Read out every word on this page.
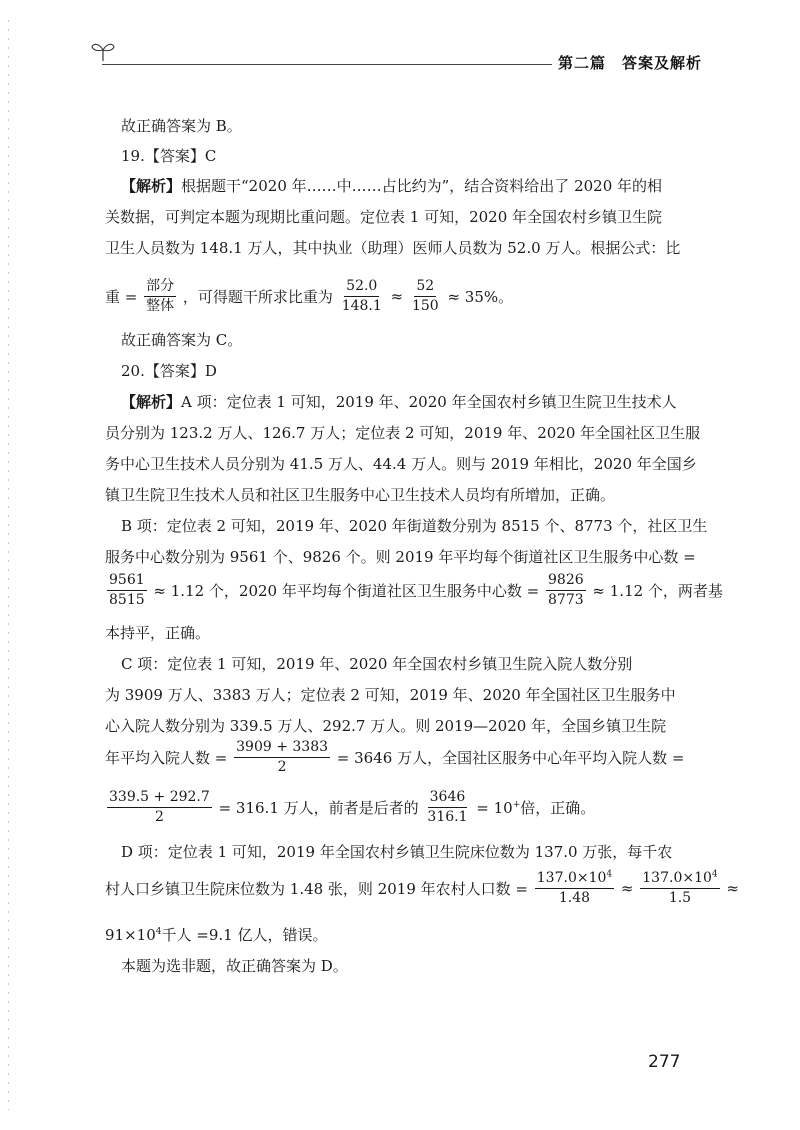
第二篇　答案及解析
故正确答案为 B。
19.【答案】C
【解析】根据题干“2020 年……中……占比约为”，结合资料给出了 2020 年的相
关数据，可判定本题为现期比重问题。定位表 1 可知，2020 年全国农村乡镇卫生院
卫生人员数为 148.1 万人，其中执业（助理）医师人员数为 52.0 万人。根据公式：比
重 = $\frac{\text{部分}}{\text{整体}}$ ，可得题干所求比重为 $\frac{52.0}{148.1} \approx \frac{52}{150} \approx 35\%$。
故正确答案为 C。
20.【答案】D
【解析】A 项：定位表 1 可知，2019 年、2020 年全国农村乡镇卫生院卫生技术人
员分别为 123.2 万人、126.7 万人；定位表 2 可知，2019 年、2020 年全国社区卫生服
务中心卫生技术人员分别为 41.5 万人、44.4 万人。则与 2019 年相比，2020 年全国乡
镇卫生院卫生技术人员和社区卫生服务中心卫生技术人员均有所增加，正确。
B 项：定位表 2 可知，2019 年、2020 年街道数分别为 8515 个、8773 个，社区卫生
服务中心数分别为 9561 个、9826 个。则 2019 年平均每个街道社区卫生服务中心数 =
$\frac{9561}{8515} \approx 1.12$ 个，2020 年平均每个街道社区卫生服务中心数 = $\frac{9826}{8773} \approx 1.12$ 个，两者基
本持平，正确。
C 项：定位表 1 可知，2019 年、2020 年全国农村乡镇卫生院入院人数分别
为 3909 万人、3383 万人；定位表 2 可知，2019 年、2020 年全国社区卫生服务中
心入院人数分别为 339.5 万人、292.7 万人。则 2019—2020 年，全国乡镇卫生院
年平均入院人数 = $\frac{3909 + 3383}{2} = 3646$ 万人，全国社区服务中心年平均入院人数 =
$\frac{339.5 + 292.7}{2} = 316.1$ 万人，前者是后者的 $\frac{3646}{316.1} = 10^+$倍，正确。
D 项：定位表 1 可知，2019 年全国农村乡镇卫生院床位数为 137.0 万张，每千农
村人口乡镇卫生院床位数为 1.48 张，则 2019 年农村人口数 = $\frac{137.0\times 10^4}{1.48} \approx \frac{137.0\times 10^4}{1.5}$ ≈
$91\times 10^4$千人 =9.1 亿人，错误。
本题为选非题，故正确答案为 D。
277
